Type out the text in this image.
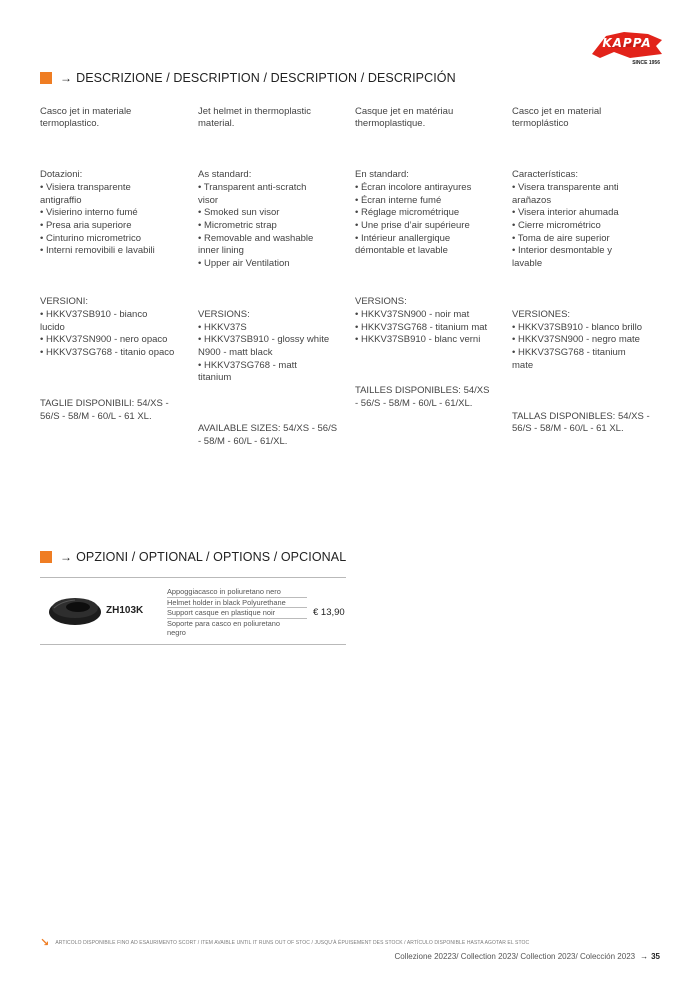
KAPPA
SINCE 1956
→ DESCRIZIONE / DESCRIPTION / DESCRIPTION / DESCRIPCIÓN

Casco jet in materiale
termoplastico.

Dotazioni:
• Visiera transparente
antigraffio
• Visierino interno fumé
• Presa aria superiore
• Cinturino micrometrico
• Interni removibili e lavabili

VERSIONI:
• HKKV37SB910 - bianco
lucido
• HKKV37SN900 - nero opaco
• HKKV37SG768 - titanio opaco

TAGLIE DISPONIBILI: 54/XS -
56/S - 58/M - 60/L - 61 XL.

Jet helmet in thermoplastic
material.

As standard:
• Transparent anti-scratch
visor
• Smoked sun visor
• Micrometric strap
• Removable and washable
inner lining
• Upper air Ventilation

VERSIONS:
• HKKV37S
• HKKV37SB910 - glossy white
N900 - matt black
• HKKV37SG768 - matt
titanium

AVAILABLE SIZES: 54/XS - 56/S
- 58/M - 60/L - 61/XL.

Casque jet en matériau
thermoplastique.

En standard:
• Écran incolore antirayures
• Écran interne fumé
• Réglage micrométrique
• Une prise d’air supérieure
• Intérieur anallergique
démontable et lavable

VERSIONS:
• HKKV37SN900 - noir mat
• HKKV37SG768 - titanium mat
• HKKV37SB910 - blanc verni

TAILLES DISPONIBLES: 54/XS
- 56/S - 58/M - 60/L - 61/XL.

Casco jet en material
termoplástico

Características:
• Visera transparente anti
arañazos
• Visera interior ahumada
• Cierre micrométrico
• Toma de aire superior
• Interior desmontable y
lavable

VERSIONES:
• HKKV37SB910 - blanco brillo
• HKKV37SN900 - negro mate
• HKKV37SG768 - titanium
mate

TALLAS DISPONIBLES: 54/XS -
56/S - 58/M - 60/L - 61 XL.

→ OPZIONI / OPTIONAL / OPTIONS / OPCIONAL
ZH103K
Appoggiacasco in poliuretano nero Helmet holder in black Polyurethane Support casque en plastique noir
Soporte para casco en poliuretano
negro
€ 13,90
↘ ARTICOLO DISPONIBILE FINO AD ESAURIMENTO SCORT / ITEM AVAIBLE UNTIL IT RUNS OUT OF STOC / JUSQU’À ÉPUISEMENT DES STOCK / ARTÍCULO DISPONIBLE HASTA AGOTAR EL STOC
Collezione 20223/ Collection 2023/ Collection 2023/ Colección 2023 → 35
